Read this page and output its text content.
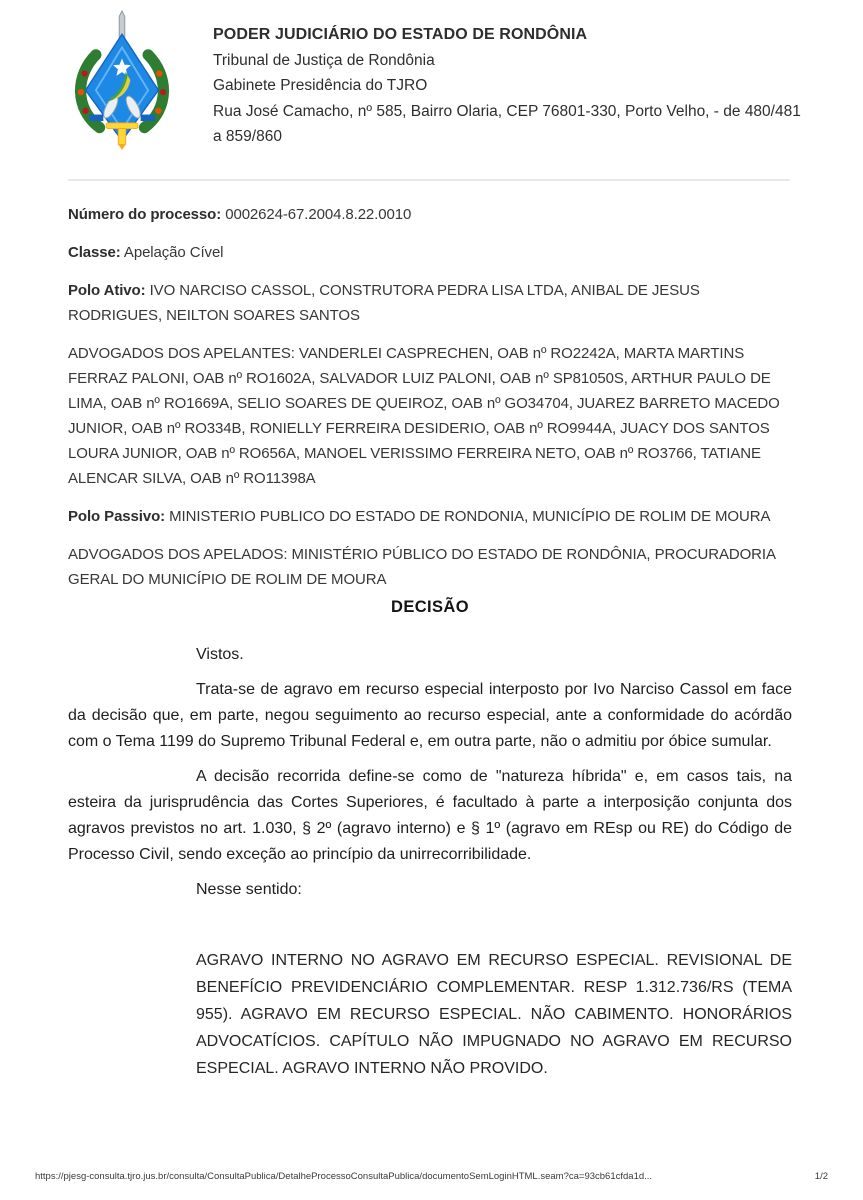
PODER JUDICIÁRIO DO ESTADO DE RONDÔNIA
Tribunal de Justiça de Rondônia
Gabinete Presidência do TJRO
Rua José Camacho, nº 585, Bairro Olaria, CEP 76801-330, Porto Velho, - de 480/481 a 859/860

Número do processo: 0002624-67.2004.8.22.0010

Classe: Apelação Cível

Polo Ativo: IVO NARCISO CASSOL, CONSTRUTORA PEDRA LISA LTDA, ANIBAL DE JESUS RODRIGUES, NEILTON SOARES SANTOS

ADVOGADOS DOS APELANTES: VANDERLEI CASPRECHEN, OAB nº RO2242A, MARTA MARTINS FERRAZ PALONI, OAB nº RO1602A, SALVADOR LUIZ PALONI, OAB nº SP81050S, ARTHUR PAULO DE LIMA, OAB nº RO1669A, SELIO SOARES DE QUEIROZ, OAB nº GO34704, JUAREZ BARRETO MACEDO JUNIOR, OAB nº RO334B, RONIELLY FERREIRA DESIDERIO, OAB nº RO9944A, JUACY DOS SANTOS LOURA JUNIOR, OAB nº RO656A, MANOEL VERISSIMO FERREIRA NETO, OAB nº RO3766, TATIANE ALENCAR SILVA, OAB nº RO11398A

Polo Passivo: MINISTERIO PUBLICO DO ESTADO DE RONDONIA, MUNICÍPIO DE ROLIM DE MOURA

ADVOGADOS DOS APELADOS: MINISTÉRIO PÚBLICO DO ESTADO DE RONDÔNIA, PROCURADORIA GERAL DO MUNICÍPIO DE ROLIM DE MOURA

DECISÃO

Vistos.

Trata-se de agravo em recurso especial interposto por Ivo Narciso Cassol em face da decisão que, em parte, negou seguimento ao recurso especial, ante a conformidade do acórdão com o Tema 1199 do Supremo Tribunal Federal e, em outra parte, não o admitiu por óbice sumular.

A decisão recorrida define-se como de "natureza híbrida" e, em casos tais, na esteira da jurisprudência das Cortes Superiores, é facultado à parte a interposição conjunta dos agravos previstos no art. 1.030, § 2º (agravo interno) e § 1º (agravo em REsp ou RE) do Código de Processo Civil, sendo exceção ao princípio da unirrecorribilidade.

Nesse sentido:

AGRAVO INTERNO NO AGRAVO EM RECURSO ESPECIAL. REVISIONAL DE BENEFÍCIO PREVIDENCIÁRIO COMPLEMENTAR. RESP 1.312.736/RS (TEMA 955). AGRAVO EM RECURSO ESPECIAL. NÃO CABIMENTO. HONORÁRIOS ADVOCATÍCIOS. CAPÍTULO NÃO IMPUGNADO NO AGRAVO EM RECURSO ESPECIAL. AGRAVO INTERNO NÃO PROVIDO.

https://pjesg-consulta.tjro.jus.br/consulta/ConsultaPublica/DetalheProcessoConsultaPublica/documentoSemLoginHTML.seam?ca=93cb61cfda1d...	1/2
